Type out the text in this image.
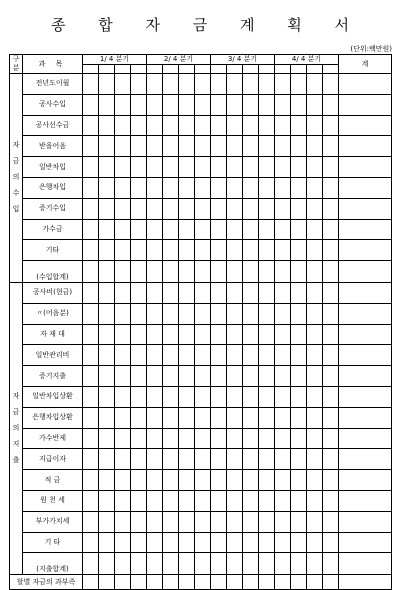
종 합 자 금 계 획 서
(단위:백만원)
구
분	과 목	1/ 4 분기				2/ 4 분기				3/ 4 분기				4/ 4 분기				계

자
금
의
수
입	전년도이월																	
	공사수입																	
	공사선수금																	
	받을어음																	
	일반차입																	
	은행차입																	
	증기수입																	
	가수금																	
	기타																	
	(수입합계)																	

자
금
의
지
출	공사비(현금)																	
	〃(어음분)																	
	자 재 대																	
	일반관리비																	
	증기지출																	
	일반차입상환																	
	은행차입상환																	
	가수반제																	
	지급이자																	
	적 금																	
	원 천 세																	
	부가가치세																	
	기 타																	
	(지출합계)																	
할별 자금의 과부족																		
